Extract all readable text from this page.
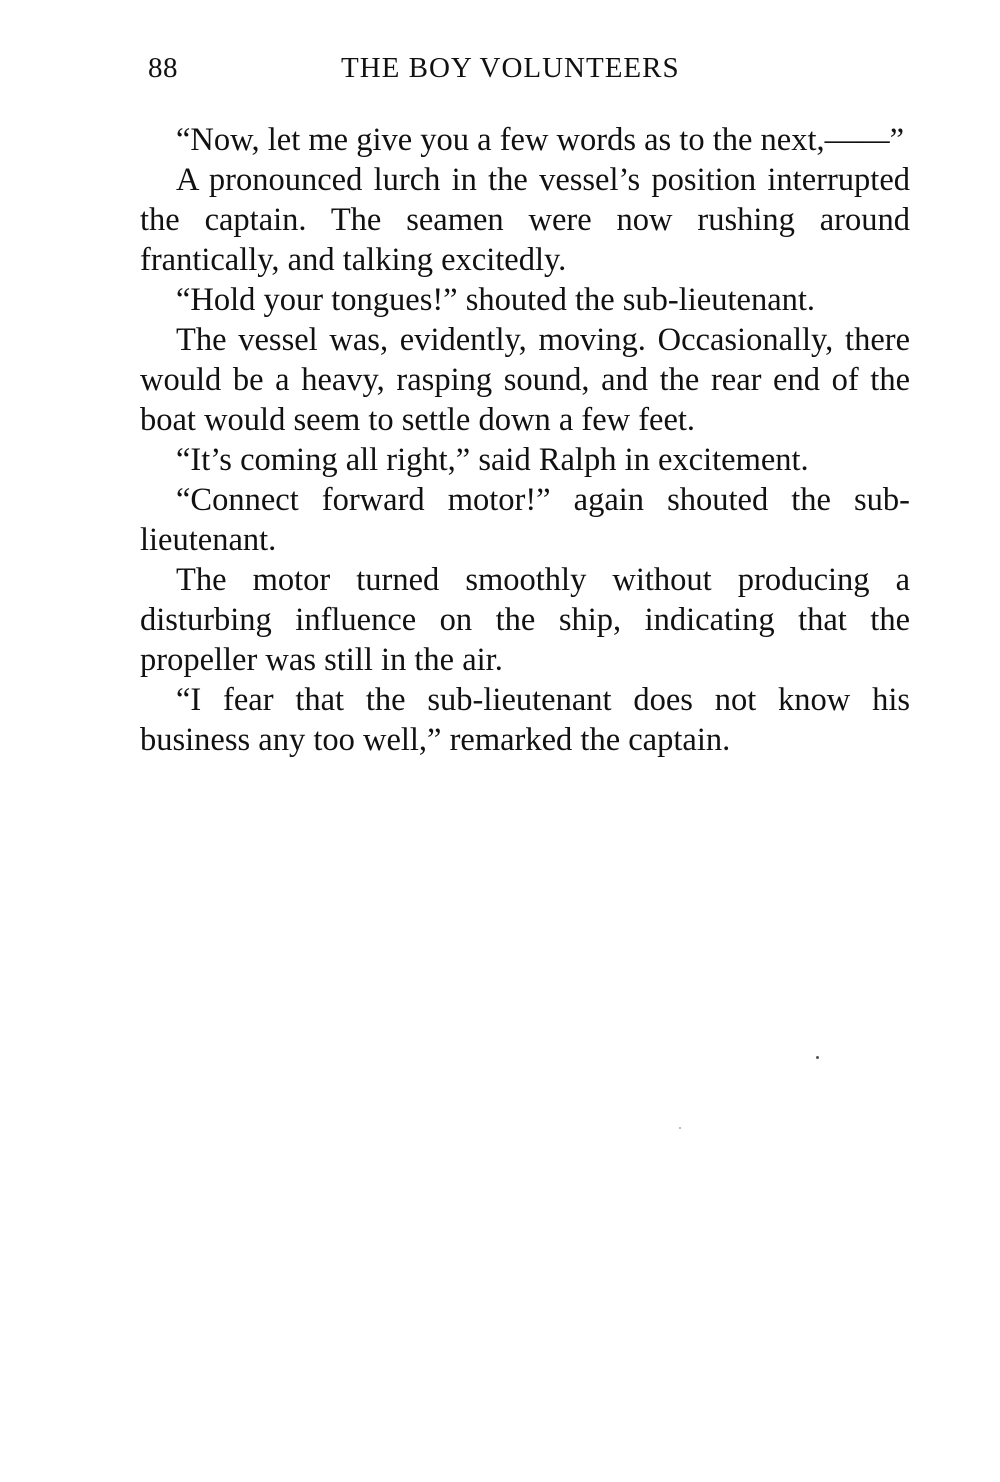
88	THE BOY VOLUNTEERS

“Now, let me give you a few words as to the next,——”

A pronounced lurch in the vessel’s position interrupted the captain. The seamen were now rushing around frantically, and talking excitedly.

“Hold your tongues!” shouted the sub-lieutenant.

The vessel was, evidently, moving. Occasionally, there would be a heavy, rasping sound, and the rear end of the boat would seem to settle down a few feet.

“It’s coming all right,” said Ralph in excitement.

“Connect forward motor!” again shouted the sub-lieutenant.

The motor turned smoothly without producing a disturbing influence on the ship, indicating that the propeller was still in the air.

“I fear that the sub-lieutenant does not know his business any too well,” remarked the captain.
